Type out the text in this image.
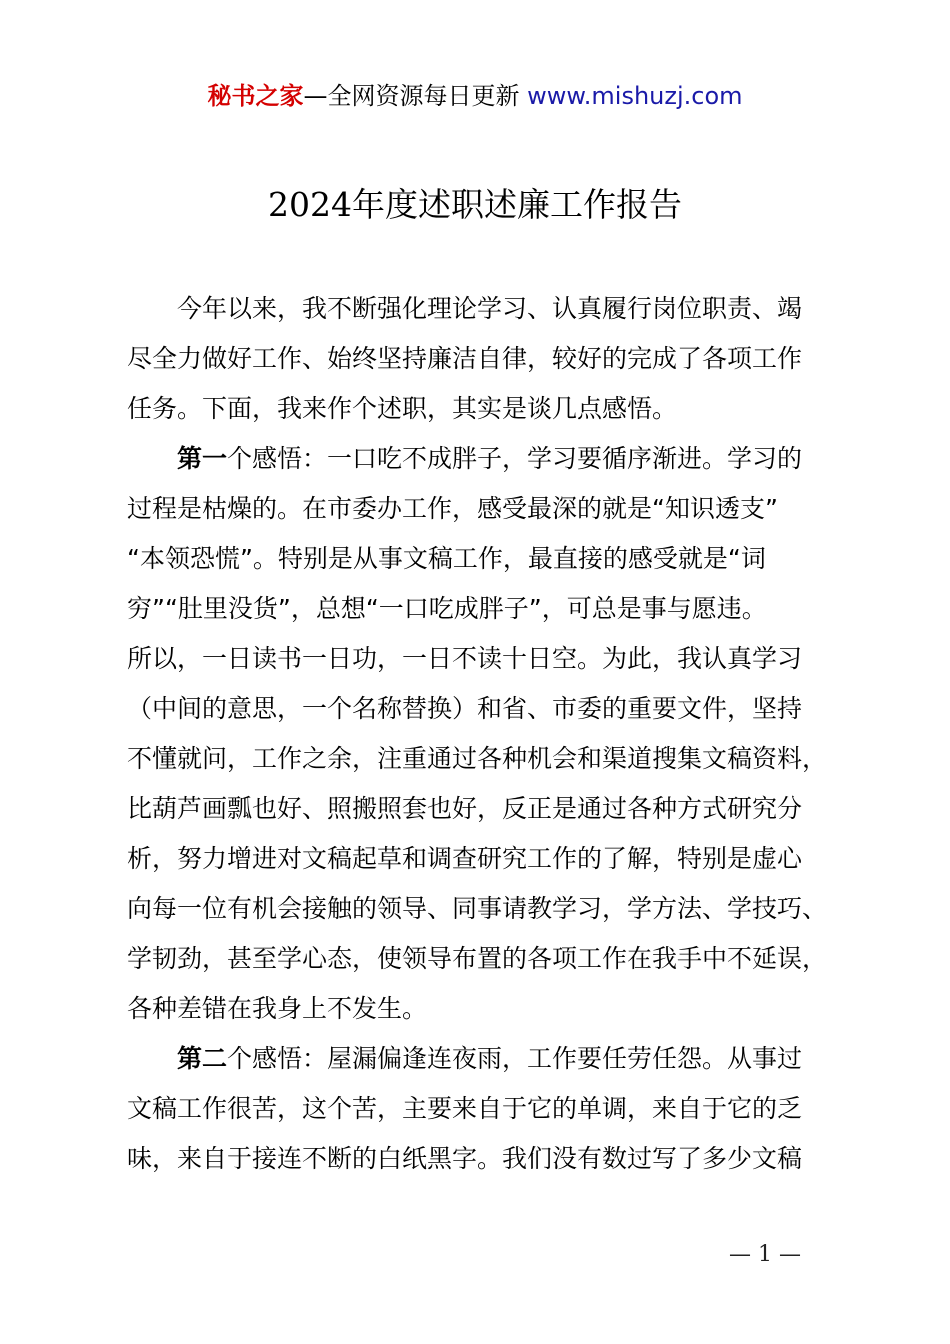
秘书之家—全网资源每日更新 www.mishuzj.com
2024年度述职述廉工作报告
今年以来，我不断强化理论学习、认真履行岗位职责、竭
尽全力做好工作、始终坚持廉洁自律，较好的完成了各项工作
任务。下面，我来作个述职，其实是谈几点感悟。
第一个感悟：一口吃不成胖子，学习要循序渐进。学习的
过程是枯燥的。在市委办工作，感受最深的就是“知识透支”
“本领恐慌”。特别是从事文稿工作，最直接的感受就是“词
穷”“肚里没货”，总想“一口吃成胖子”，可总是事与愿违。
所以，一日读书一日功，一日不读十日空。为此，我认真学习
（中间的意思，一个名称替换）和省、市委的重要文件，坚持
不懂就问，工作之余，注重通过各种机会和渠道搜集文稿资料，
比葫芦画瓢也好、照搬照套也好，反正是通过各种方式研究分
析，努力增进对文稿起草和调查研究工作的了解，特别是虚心
向每一位有机会接触的领导、同事请教学习，学方法、学技巧、
学韧劲，甚至学心态，使领导布置的各项工作在我手中不延误，
各种差错在我身上不发生。
第二个感悟：屋漏偏逢连夜雨，工作要任劳任怨。从事过
文稿工作很苦，这个苦，主要来自于它的单调，来自于它的乏
味，来自于接连不断的白纸黑字。我们没有数过写了多少文稿
— 1 —
